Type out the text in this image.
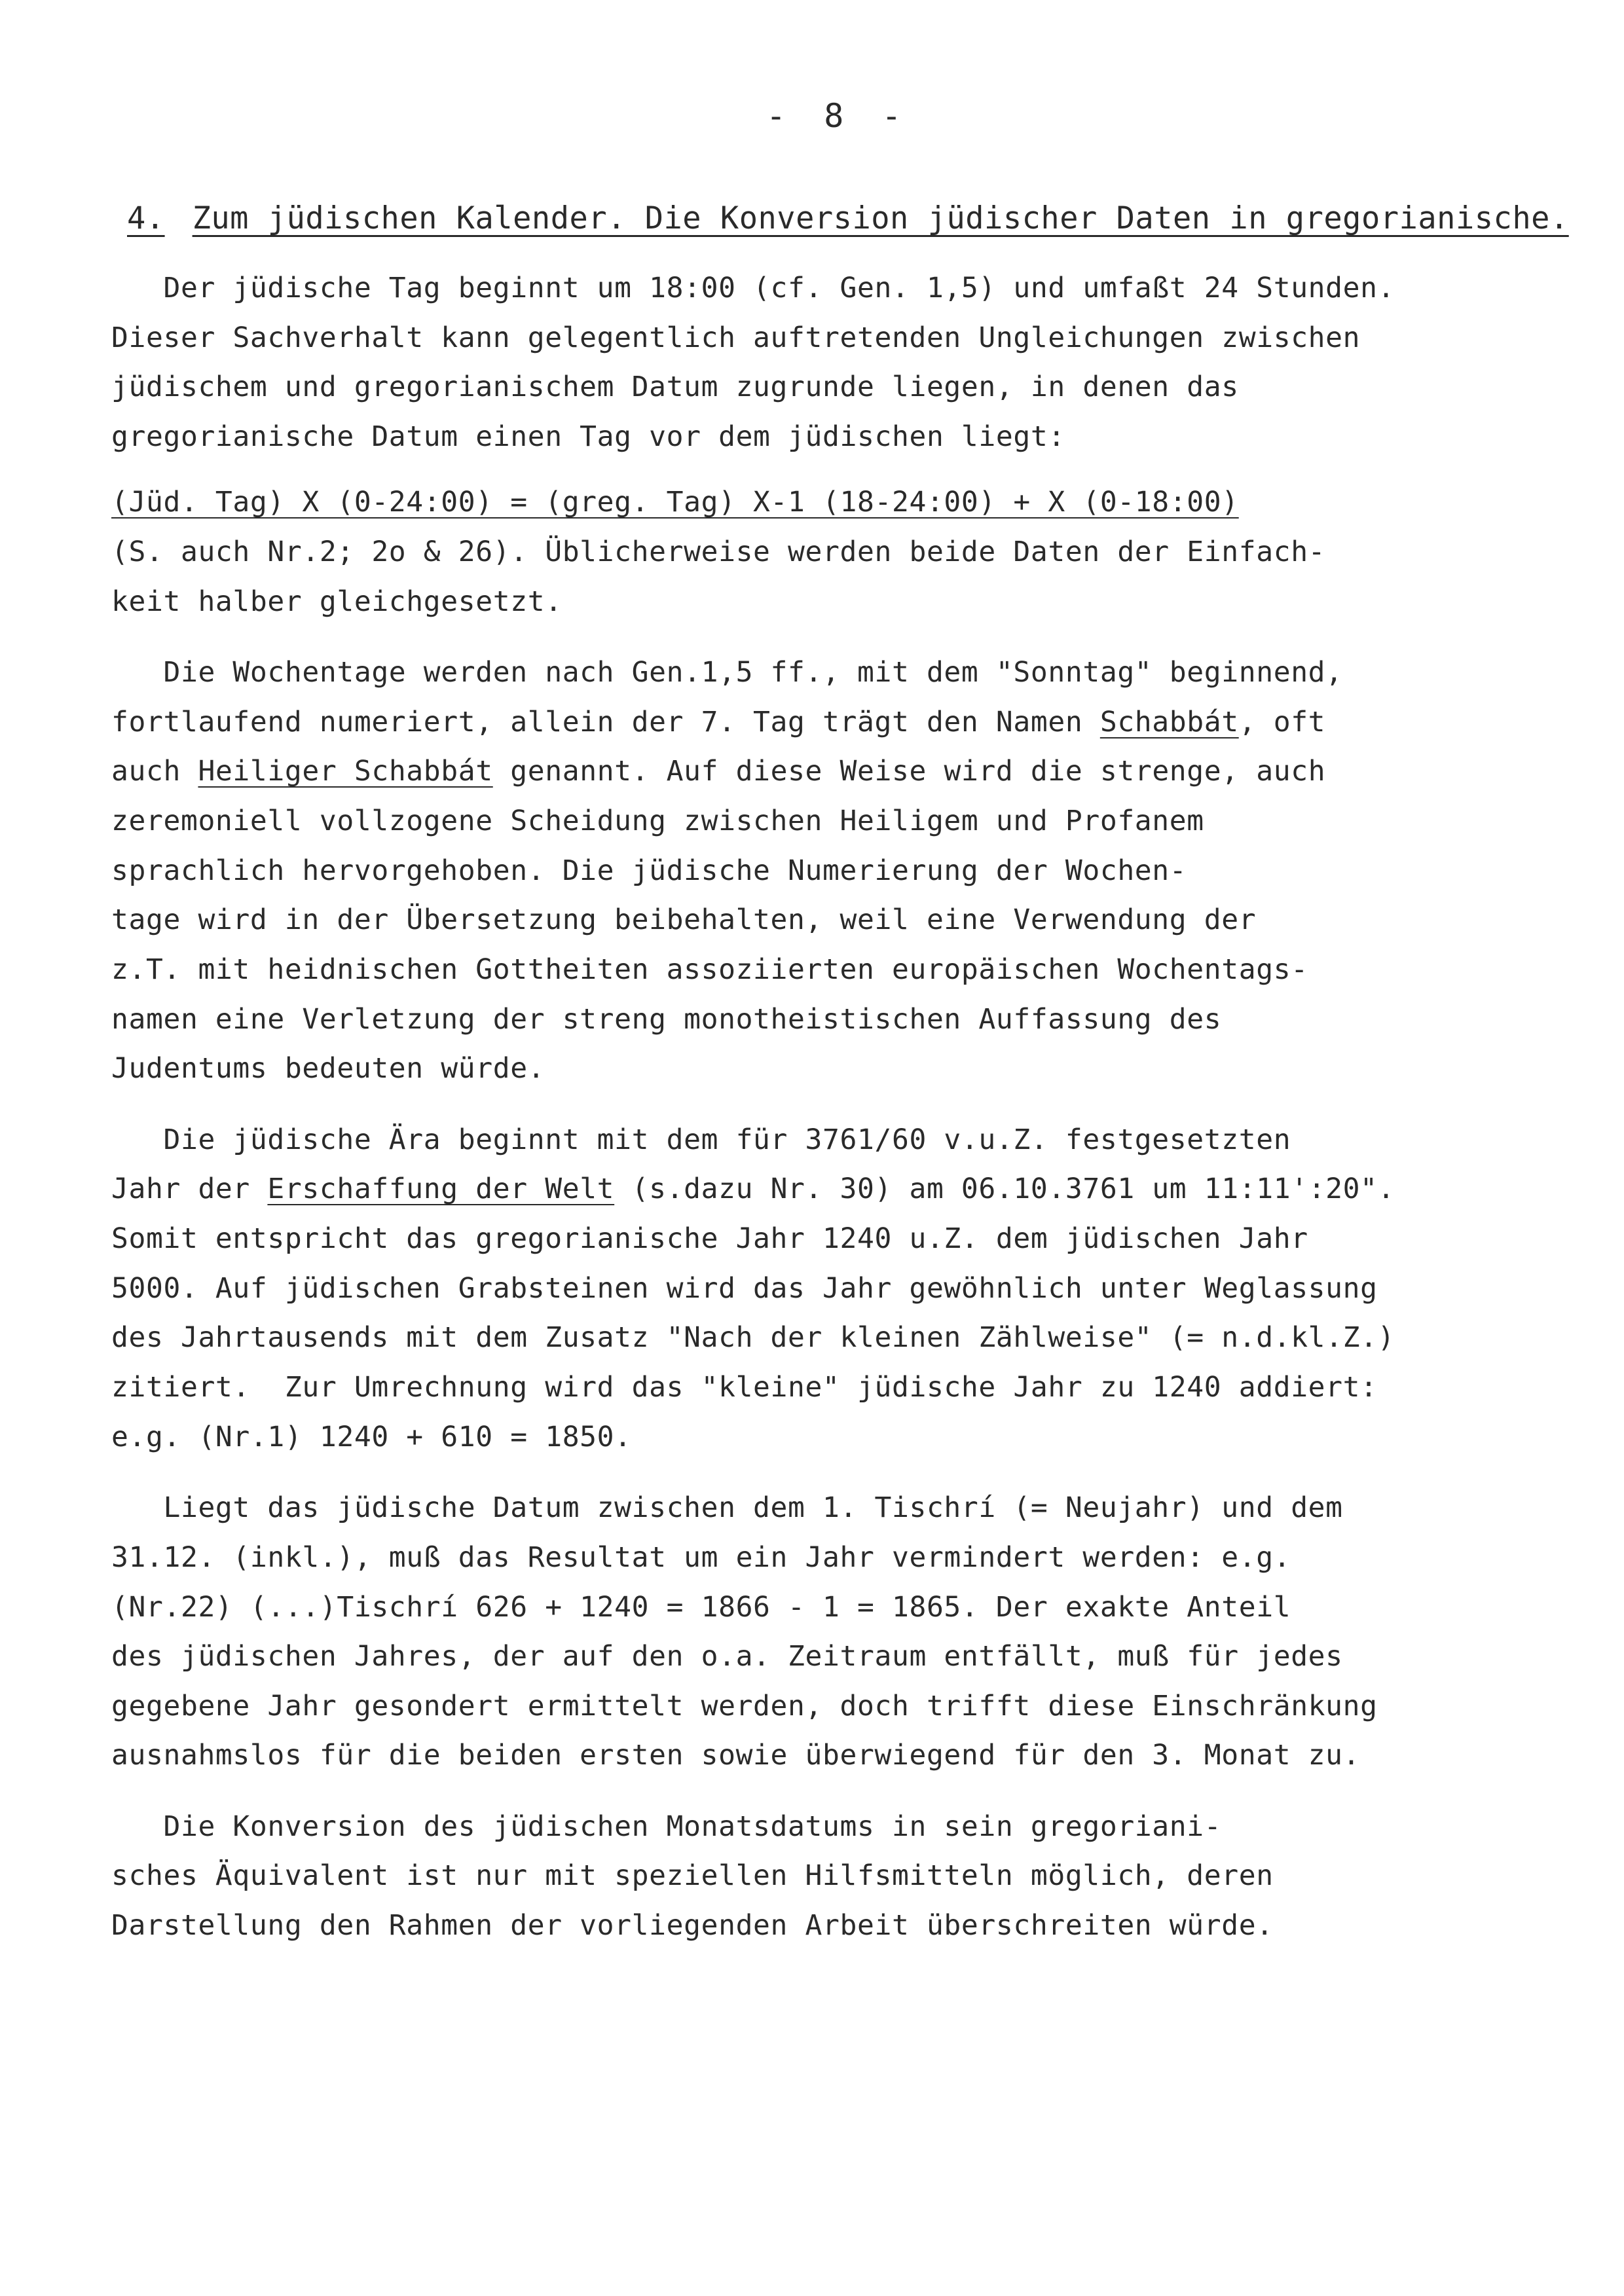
- 8 -
4. Zum jüdischen Kalender. Die Konversion jüdischer Daten in gregorianische.
Der jüdische Tag beginnt um 18:00 (cf. Gen. 1,5) und umfaßt 24 Stunden.
Dieser Sachverhalt kann gelegentlich auftretenden Ungleichungen zwischen
jüdischem und gregorianischem Datum zugrunde liegen, in denen das
gregorianische Datum einen Tag vor dem jüdischen liegt:
(Jüd. Tag) X (0-24:00) = (greg. Tag) X-1 (18-24:00) + X (0-18:00)
(S. auch Nr.2; 2o & 26). Üblicherweise werden beide Daten der Einfach-
keit halber gleichgesetzt.
Die Wochentage werden nach Gen.1,5 ff., mit dem "Sonntag" beginnend,
fortlaufend numeriert, allein der 7. Tag trägt den Namen Schabbát, oft
auch Heiliger Schabbát genannt. Auf diese Weise wird die strenge, auch
zeremoniell vollzogene Scheidung zwischen Heiligem und Profanem
sprachlich hervorgehoben. Die jüdische Numerierung der Wochen-
tage wird in der Übersetzung beibehalten, weil eine Verwendung der
z.T. mit heidnischen Gottheiten assoziierten europäischen Wochentags-
namen eine Verletzung der streng monotheistischen Auffassung des
Judentums bedeuten würde.
Die jüdische Ära beginnt mit dem für 3761/60 v.u.Z. festgesetzten
Jahr der Erschaffung der Welt (s.dazu Nr. 30) am 06.10.3761 um 11:11':20".
Somit entspricht das gregorianische Jahr 1240 u.Z. dem jüdischen Jahr
5000. Auf jüdischen Grabsteinen wird das Jahr gewöhnlich unter Weglassung
des Jahrtausends mit dem Zusatz "Nach der kleinen Zählweise" (= n.d.kl.Z.)
zitiert.  Zur Umrechnung wird das "kleine" jüdische Jahr zu 1240 addiert:
e.g. (Nr.1) 1240 + 610 = 1850.
Liegt das jüdische Datum zwischen dem 1. Tischrí (= Neujahr) und dem
31.12. (inkl.), muß das Resultat um ein Jahr vermindert werden: e.g.
(Nr.22) (...)Tischrí 626 + 1240 = 1866 - 1 = 1865. Der exakte Anteil
des jüdischen Jahres, der auf den o.a. Zeitraum entfällt, muß für jedes
gegebene Jahr gesondert ermittelt werden, doch trifft diese Einschränkung
ausnahmslos für die beiden ersten sowie überwiegend für den 3. Monat zu.
Die Konversion des jüdischen Monatsdatums in sein gregoriani-
sches Äquivalent ist nur mit speziellen Hilfsmitteln möglich, deren
Darstellung den Rahmen der vorliegenden Arbeit überschreiten würde.
